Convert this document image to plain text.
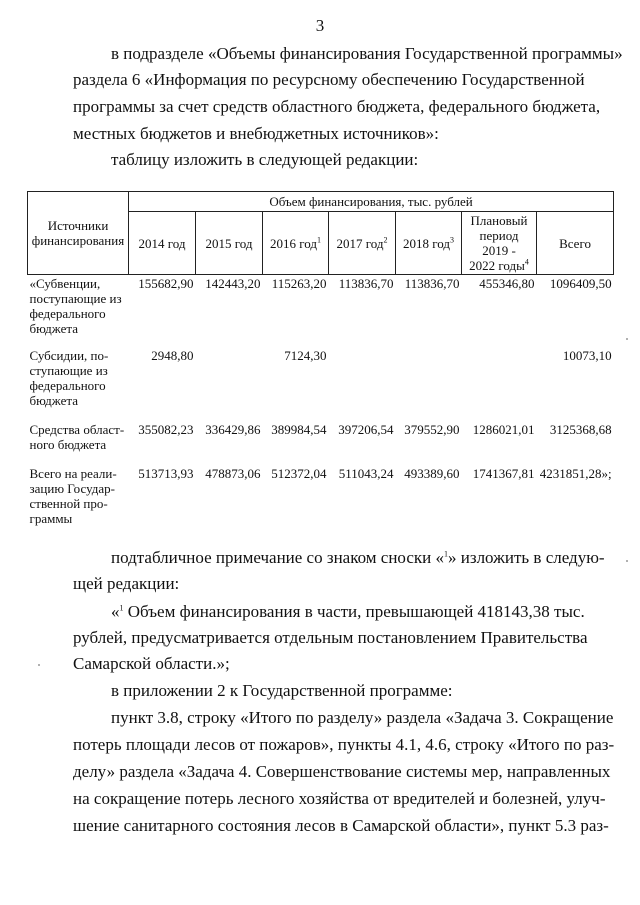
3
в подразделе «Объемы финансирования Государственной программы»
раздела 6 «Информация по ресурсному обеспечению Государственной
программы за счет средств областного бюджета, федерального бюджета,
местных бюджетов и внебюджетных источников»:
таблицу изложить в следующей редакции:
Источники финансирования	Объем финансирования, тыс. рублей						
	2014 год	2015 год	2016 год$^1$	2017 год$^2$	2018 год$^3$	Плановый
период
2019 -
2022 годы$^4$	Всего
«Субвенции, поступающие из федерального бюджета	155682,90	142443,20	115263,20	113836,70	113836,70	455346,80	1096409,50
Субсидии, по-ступающие из федерального бюджета	2948,80		7124,30				10073,10
Средства област-ного бюджета	355082,23	336429,86	389984,54	397206,54	379552,90	1286021,01	3125368,68
Всего на реали-зацию Государ-ственной про-граммы	513713,93	478873,06	512372,04	511043,24	493389,60	1741367,81	4231851,28»;
подтабличное примечание со знаком сноски «$^1$» изложить в следую-
щей редакции:
«$^1$ Объем финансирования в части, превышающей 418143,38 тыс.
рублей, предусматривается отдельным постановлением Правительства
Самарской области.»;
в приложении 2 к Государственной программе:
пункт 3.8, строку «Итого по разделу» раздела «Задача 3. Сокращение
потерь площади лесов от пожаров», пункты 4.1, 4.6, строку «Итого по раз-
делу» раздела «Задача 4. Совершенствование системы мер, направленных
на сокращение потерь лесного хозяйства от вредителей и болезней, улуч-
шение санитарного состояния лесов в Самарской области», пункт 5.3 раз-
